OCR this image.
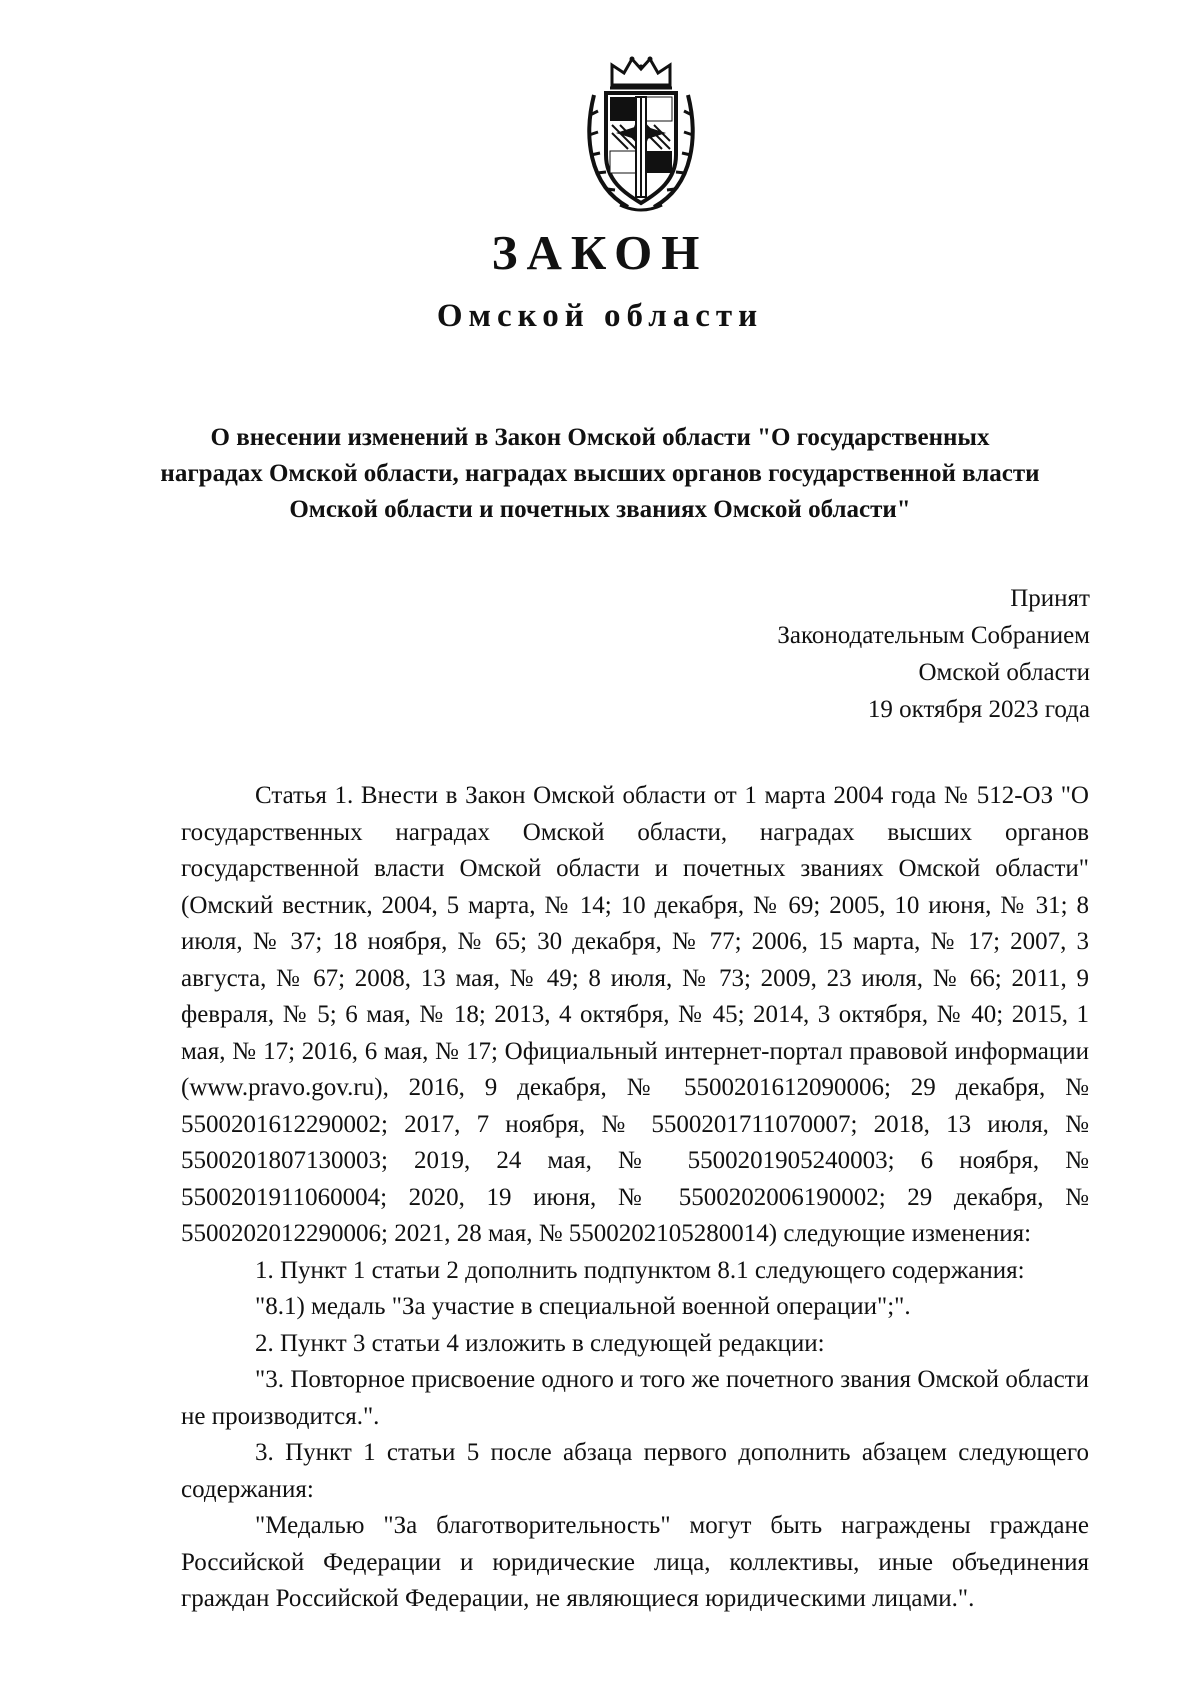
ЗАКОН
Омской области
О внесении изменений в Закон Омской области "О государственных наградах Омской области, наградах высших органов государственной власти Омской области и почетных званиях Омской области"
Принят
Законодательным Собранием
Омской области
19 октября 2023 года

Статья 1. Внести в Закон Омской области от 1 марта 2004 года № 512-ОЗ "О государственных наградах Омской области, наградах высших органов государственной власти Омской области и почетных званиях Омской области" (Омский вестник, 2004, 5 марта, № 14; 10 декабря, № 69; 2005, 10 июня, № 31; 8 июля, № 37; 18 ноября, № 65; 30 декабря, № 77; 2006, 15 марта, № 17; 2007, 3 августа, № 67; 2008, 13 мая, № 49; 8 июля, № 73; 2009, 23 июля, № 66; 2011, 9 февраля, № 5; 6 мая, № 18; 2013, 4 октября, № 45; 2014, 3 октября, № 40; 2015, 1 мая, № 17; 2016, 6 мая, № 17; Официальный интернет-портал правовой информации (www.pravo.gov.ru), 2016, 9 декабря, № 5500201612090006; 29 декабря, № 5500201612290002; 2017, 7 ноября, № 5500201711070007; 2018, 13 июля, № 5500201807130003; 2019, 24 мая, № 5500201905240003; 6 ноября, № 5500201911060004; 2020, 19 июня, № 5500202006190002; 29 декабря, № 5500202012290006; 2021, 28 мая, № 5500202105280014) следующие изменения:

1. Пункт 1 статьи 2 дополнить подпунктом 8.1 следующего содержания:

"8.1) медаль "За участие в специальной военной операции";".

2. Пункт 3 статьи 4 изложить в следующей редакции:

"3. Повторное присвоение одного и того же почетного звания Омской области не производится.".

3. Пункт 1 статьи 5 после абзаца первого дополнить абзацем следующего содержания:

"Медалью "За благотворительность" могут быть награждены граждане Российской Федерации и юридические лица, коллективы, иные объединения граждан Российской Федерации, не являющиеся юридическими лицами.".
